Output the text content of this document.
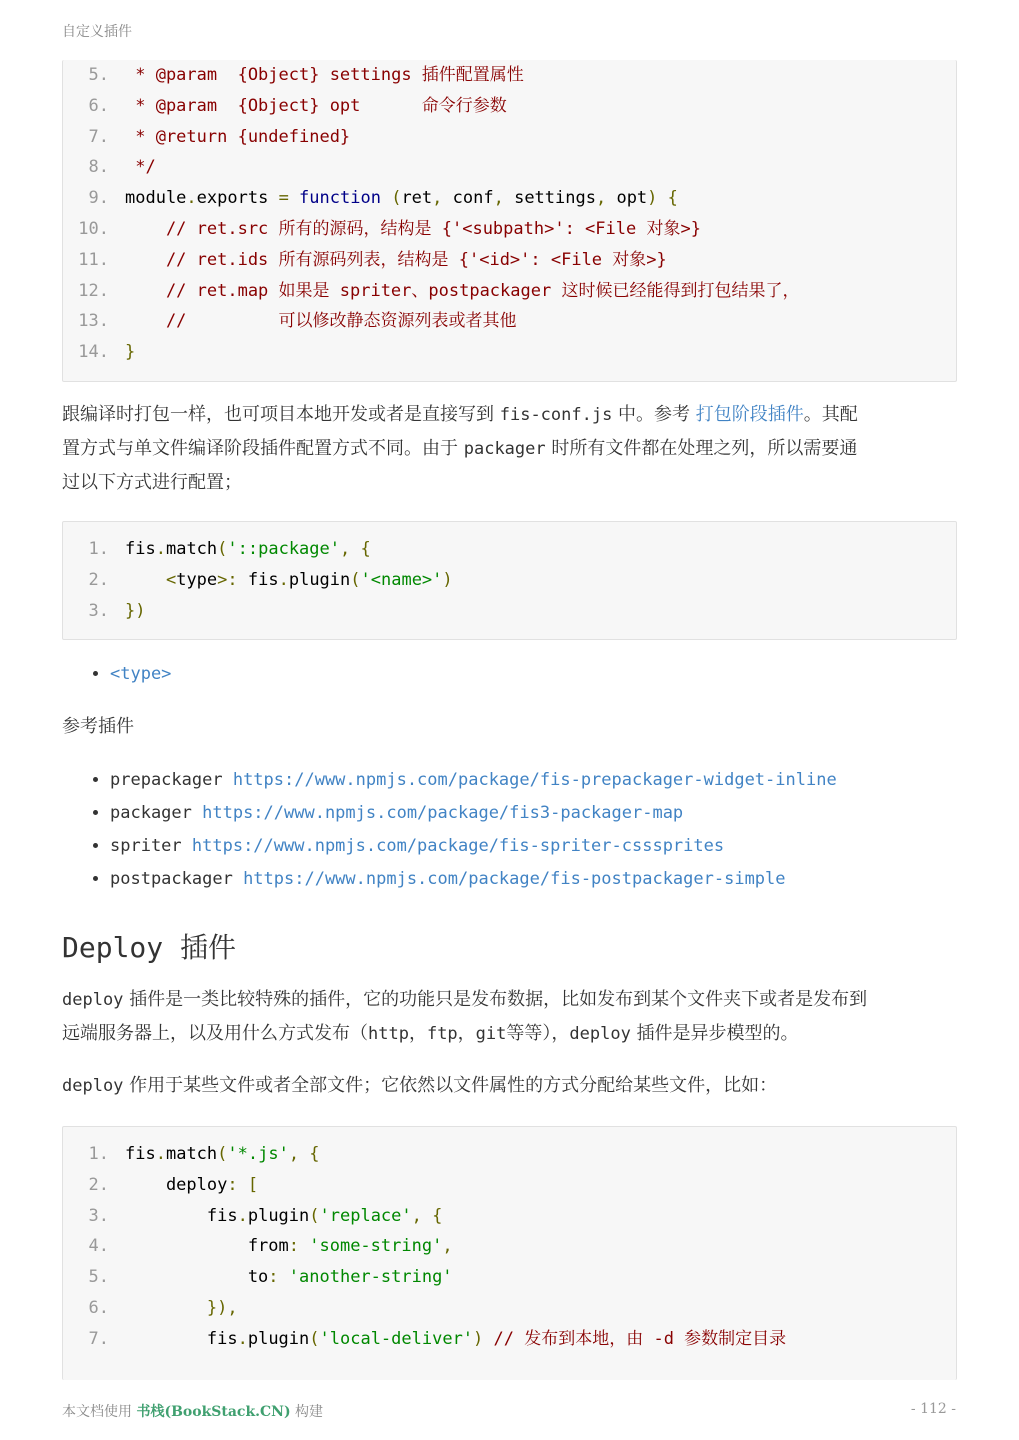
自定义插件
5. * @param  {Object} settings 插件配置属性
6. * @param  {Object} opt      命令行参数
7. * @return {undefined}
8. */
9. module.exports = function (ret, conf, settings, opt) {
10. // ret.src 所有的源码，结构是 {'<subpath>': <File 对象>}
11. // ret.ids 所有源码列表，结构是 {'<id>': <File 对象>}
12. // ret.map 如果是 spriter、postpackager 这时候已经能得到打包结果了，
13. //         可以修改静态资源列表或者其他
14. }
跟编译时打包一样，也可项目本地开发或者是直接写到 fis-conf.js 中。参考 打包阶段插件。其配
置方式与单文件编译阶段插件配置方式不同。由于 packager 时所有文件都在处理之列，所以需要通
过以下方式进行配置；
1. fis.match('::package', {
2.	<type>: fis.plugin('<name>')
3. })
• <type>
参考插件
• prepackager https://www.npmjs.com/package/fis-prepackager-widget-inline
• packager https://www.npmjs.com/package/fis3-packager-map
• spriter https://www.npmjs.com/package/fis-spriter-csssprites
• postpackager https://www.npmjs.com/package/fis-postpackager-simple
Deploy 插件
deploy 插件是一类比较特殊的插件，它的功能只是发布数据，比如发布到某个文件夹下或者是发布到
远端服务器上，以及用什么方式发布（http，ftp，git等等），deploy 插件是异步模型的。
deploy 作用于某些文件或者全部文件；它依然以文件属性的方式分配给某些文件，比如：
1. fis.match('*.js', {
2. deploy: [
3. fis.plugin('replace', {
4. from: 'some-string',
5. to: 'another-string'
6. }),
7. fis.plugin('local-deliver') // 发布到本地，由 -d 参数制定目录
本文档使用 书栈(BookStack.CN) 构建	- 112 -
